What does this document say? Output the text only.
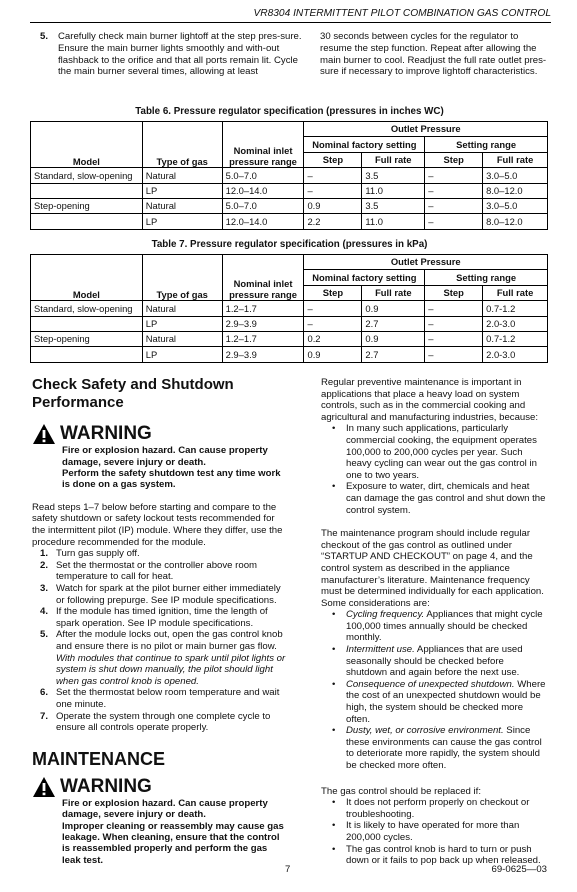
VR8304 INTERMITTENT PILOT COMBINATION GAS CONTROL
5. Carefully check main burner lightoff at the step pres-sure. Ensure the main burner lights smoothly and with-out flashback to the orifice and that all ports remain lit. Cycle the main burner several times, allowing at least
30 seconds between cycles for the regulator to resume the step function. Repeat after allowing the main burner to cool. Readjust the full rate outlet pres-sure if necessary to improve lightoff characteristics.
Table 6. Pressure regulator specification (pressures in inches WC)
Model	Type of gas	Nominal inlet pressure range	Outlet Pressure			
			Nominal factory setting		Setting range	
			Step	Full rate	Step	Full rate
Standard, slow-opening	Natural	5.0–7.0	–	3.5	–	3.0–5.0
	LP	12.0–14.0	–	11.0	–	8.0–12.0
Step-opening	Natural	5.0–7.0	0.9	3.5	–	3.0–5.0
	LP	12.0–14.0	2.2	11.0	–	8.0–12.0
Table 7. Pressure regulator specification (pressures in kPa)
Model	Type of gas	Nominal inlet pressure range	Outlet Pressure			
			Nominal factory setting		Setting range	
			Step	Full rate	Step	Full rate
Standard, slow-opening	Natural	1.2–1.7	–	0.9	–	0.7-1.2
	LP	2.9–3.9	–	2.7	–	2.0-3.0
Step-opening	Natural	1.2–1.7	0.2	0.9	–	0.7-1.2
	LP	2.9–3.9	0.9	2.7	–	2.0-3.0
Check Safety and Shutdown Performance
WARNING
Fire or explosion hazard. Can cause property damage, severe injury or death.
Perform the safety shutdown test any time work is done on a gas system.

Read steps 1–7 below before starting and compare to the safety shutdown or safety lockout tests recommended for the intermittent pilot (IP) module. Where they differ, use the procedure recommended for the module.

1. Turn gas supply off.
2. Set the thermostat or the controller above room temperature to call for heat.
3. Watch for spark at the pilot burner either immediately or following prepurge. See IP module specifications.
4. If the module has timed ignition, time the length of spark operation. See IP module specifications.
5. After the module locks out, open the gas control knob and ensure there is no pilot or main burner gas flow. With modules that continue to spark until pilot lights or system is shut down manually, the pilot should light when gas control knob is opened.
6. Set the thermostat below room temperature and wait one minute.
7. Operate the system through one complete cycle to ensure all controls operate properly.
MAINTENANCE
WARNING
Fire or explosion hazard. Can cause property damage, severe injury or death.
Improper cleaning or reassembly may cause gas leakage. When cleaning, ensure that the control is reassembled properly and perform the gas leak test.

Regular preventive maintenance is important in applications that place a heavy load on system controls, such as in the commercial cooking and agricultural and manufacturing industries, because:

• In many such applications, particularly commercial cooking, the equipment operates 100,000 to 200,000 cycles per year. Such heavy cycling can wear out the gas control in one to two years.
• Exposure to water, dirt, chemicals and heat can damage the gas control and shut down the control system.

The maintenance program should include regular checkout of the gas control as outlined under “STARTUP AND CHECKOUT” on page 4, and the control system as described in the appliance manufacturer’s literature. Maintenance frequency must be determined individually for each application. Some considerations are:

• Cycling frequency. Appliances that might cycle 100,000 times annually should be checked monthly.
• Intermittent use. Appliances that are used seasonally should be checked before shutdown and again before the next use.
• Consequence of unexpected shutdown. Where the cost of an unexpected shutdown would be high, the system should be checked more often.
• Dusty, wet, or corrosive environment. Since these environments can cause the gas control to deteriorate more rapidly, the system should be checked more often.

The gas control should be replaced if:

• It does not perform properly on checkout or troubleshooting.
• It is likely to have operated for more than 200,000 cycles.
• The gas control knob is hard to turn or push down or it fails to pop back up when released.
7	69-0625—03
